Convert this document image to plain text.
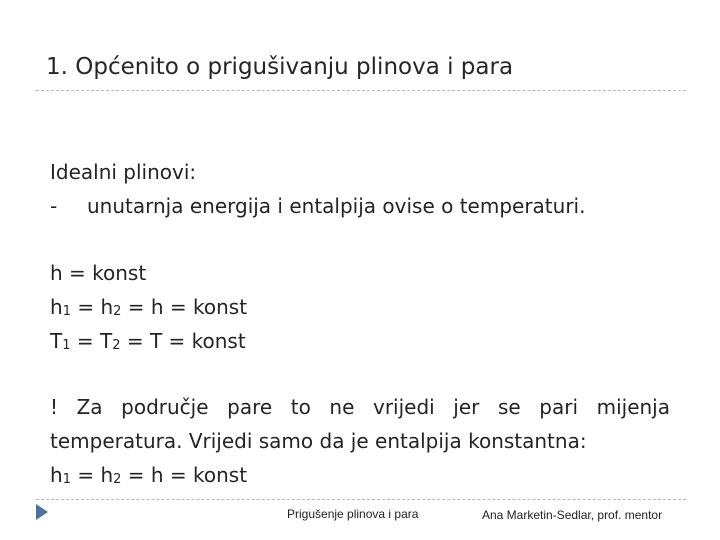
1. Općenito o prigušivanju plinova i para
Idealni plinovi:
-	unutarnja energija i entalpija ovise o temperaturi.
h = konst
$h_1 = h_2 = h$ = konst
$T_1 = T_2 = T$ = konst
! Za područje pare to ne vrijedi jer se pari mijenja
temperatura. Vrijedi samo da je entalpija konstantna:
$h_1 = h_2 = h$ = konst
Prigušenje plinova i para	Ana Marketin-Sedlar, prof. mentor
